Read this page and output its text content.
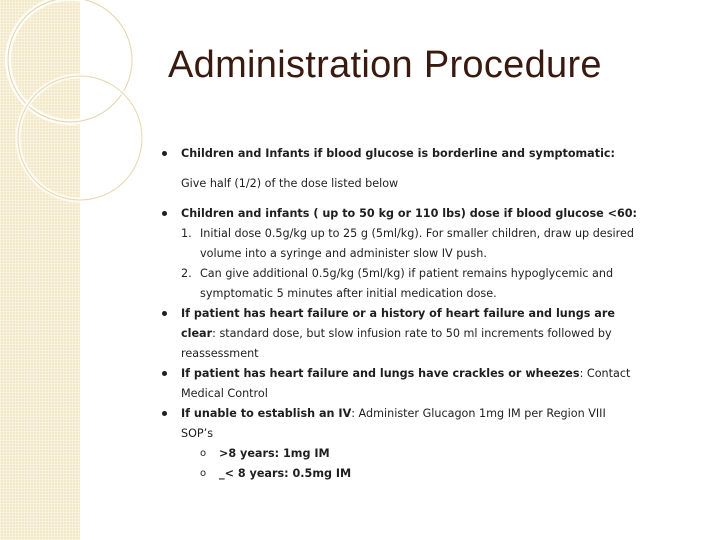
Administration Procedure
Children and Infants if blood glucose is borderline and symptomatic:
Give half (1/2) of the dose listed below
Children and infants ( up to 50 kg or 110 lbs) dose if blood glucose <60:
1. Initial dose 0.5g/kg up to 25 g (5ml/kg). For smaller children, draw up desired volume into a syringe and administer slow IV push.
2. Can give additional 0.5g/kg (5ml/kg) if patient remains hypoglycemic and symptomatic 5 minutes after initial medication dose.
If patient has heart failure or a history of heart failure and lungs are clear: standard dose, but slow infusion rate to 50 ml increments followed by reassessment
If patient has heart failure and lungs have crackles or wheezes: Contact Medical Control
If unable to establish an IV: Administer Glucagon 1mg IM per Region VIII SOP’s
o >8 years: 1mg IM
o _< 8 years: 0.5mg IM
